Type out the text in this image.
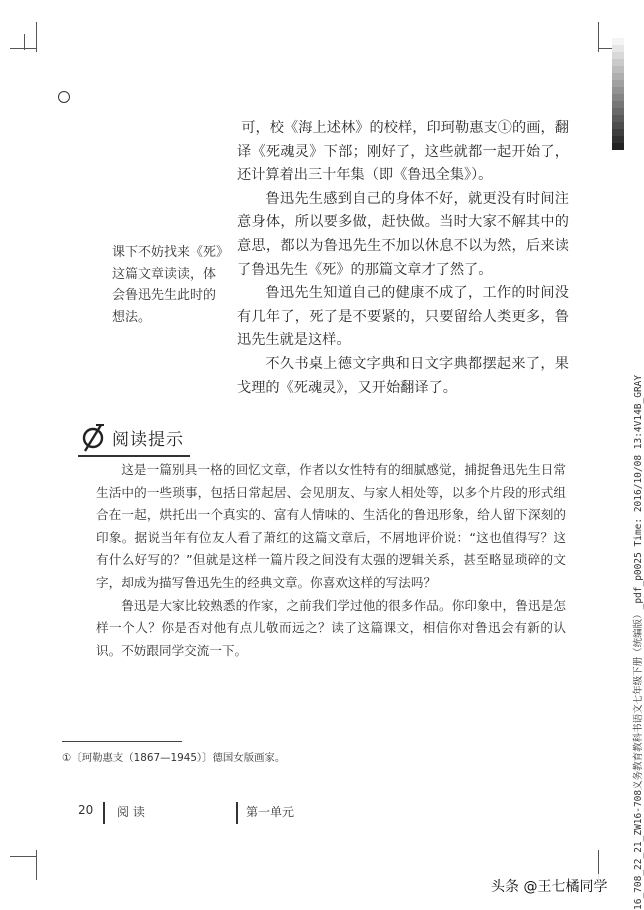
可，校《海上述林》的校样，印珂勒惠支①的画，翻译《死魂灵》下部；刚好了，这些就都一起开始了，还计算着出三十年集（即《鲁迅全集》）。

鲁迅先生感到自己的身体不好，就更没有时间注意身体，所以要多做，赶快做。当时大家不解其中的意思，都以为鲁迅先生不加以休息不以为然，后来读了鲁迅先生《死》的那篇文章才了然了。

鲁迅先生知道自己的健康不成了，工作的时间没有几年了，死了是不要紧的，只要留给人类更多，鲁迅先生就是这样。

不久书桌上德文字典和日文字典都摆起来了，果戈理的《死魂灵》，又开始翻译了。

课下不妨找来《死》这篇文章读读，体会鲁迅先生此时的想法。
阅读提示

这是一篇别具一格的回忆文章，作者以女性特有的细腻感觉，捕捉鲁迅先生日常生活中的一些琐事，包括日常起居、会见朋友、与家人相处等，以多个片段的形式组合在一起，烘托出一个真实的、富有人情味的、生活化的鲁迅形象，给人留下深刻的印象。据说当年有位友人看了萧红的这篇文章后，不屑地评价说：“这也值得写？这有什么好写的？”但就是这样一篇片段之间没有太强的逻辑关系，甚至略显琐碎的文字，却成为描写鲁迅先生的经典文章。你喜欢这样的写法吗？

鲁迅是大家比较熟悉的作家，之前我们学过他的很多作品。你印象中，鲁迅是怎样一个人？你是否对他有点儿敬而远之？读了这篇课文，相信你对鲁迅会有新的认识。不妨跟同学交流一下。

①〔珂勒惠支（1867—1945）〕德国女版画家。
20 阅 读	第一单元	16_708_22_21_ZW16-708义务教育教科书语文七年级下册（统编版）_pdf_p0025 Time: 2016/10/08 13:4V14B_GRAY
头条 @王七橘同学
